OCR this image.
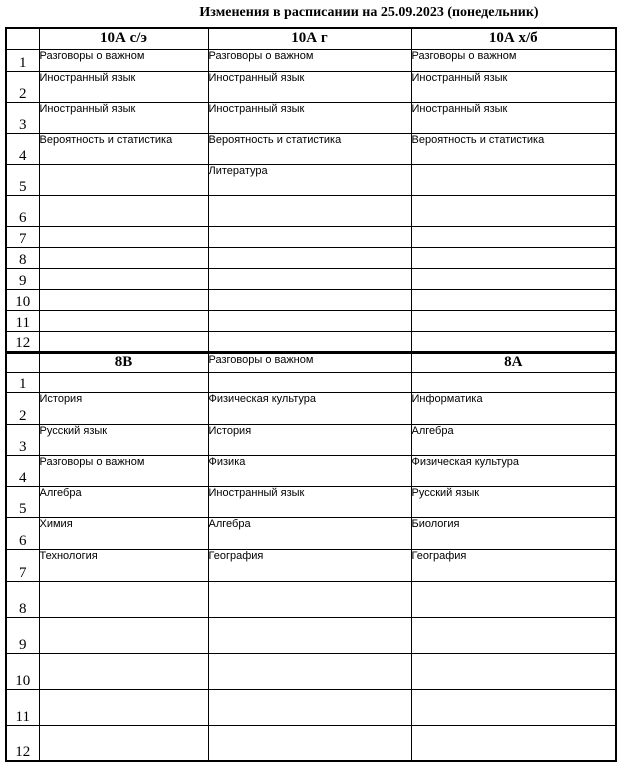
Изменения в расписании на 25.09.2023 (понедельник)
	10А с/э	10А г	10А х/б
1	Разговоры о важном	Разговоры о важном	Разговоры о важном
2	Иностранный язык	Иностранный язык	Иностранный язык
3	Иностранный язык	Иностранный язык	Иностранный язык
4	Вероятность и статистика	Вероятность и статистика	Вероятность и статистика
5		Литература	
6			
7			
8			
9			
10			
11			
12			
	8В	Разговоры о важном	8А
1			
2	История	Физическая культура	Информатика
3	Русский язык	История	Алгебра
4	Разговоры о важном	Физика	Физическая культура
5	Алгебра	Иностранный язык	Русский язык
6	Химия	Алгебра	Биология
7	Технология	География	География
8			
9			
10			
11			
12			
